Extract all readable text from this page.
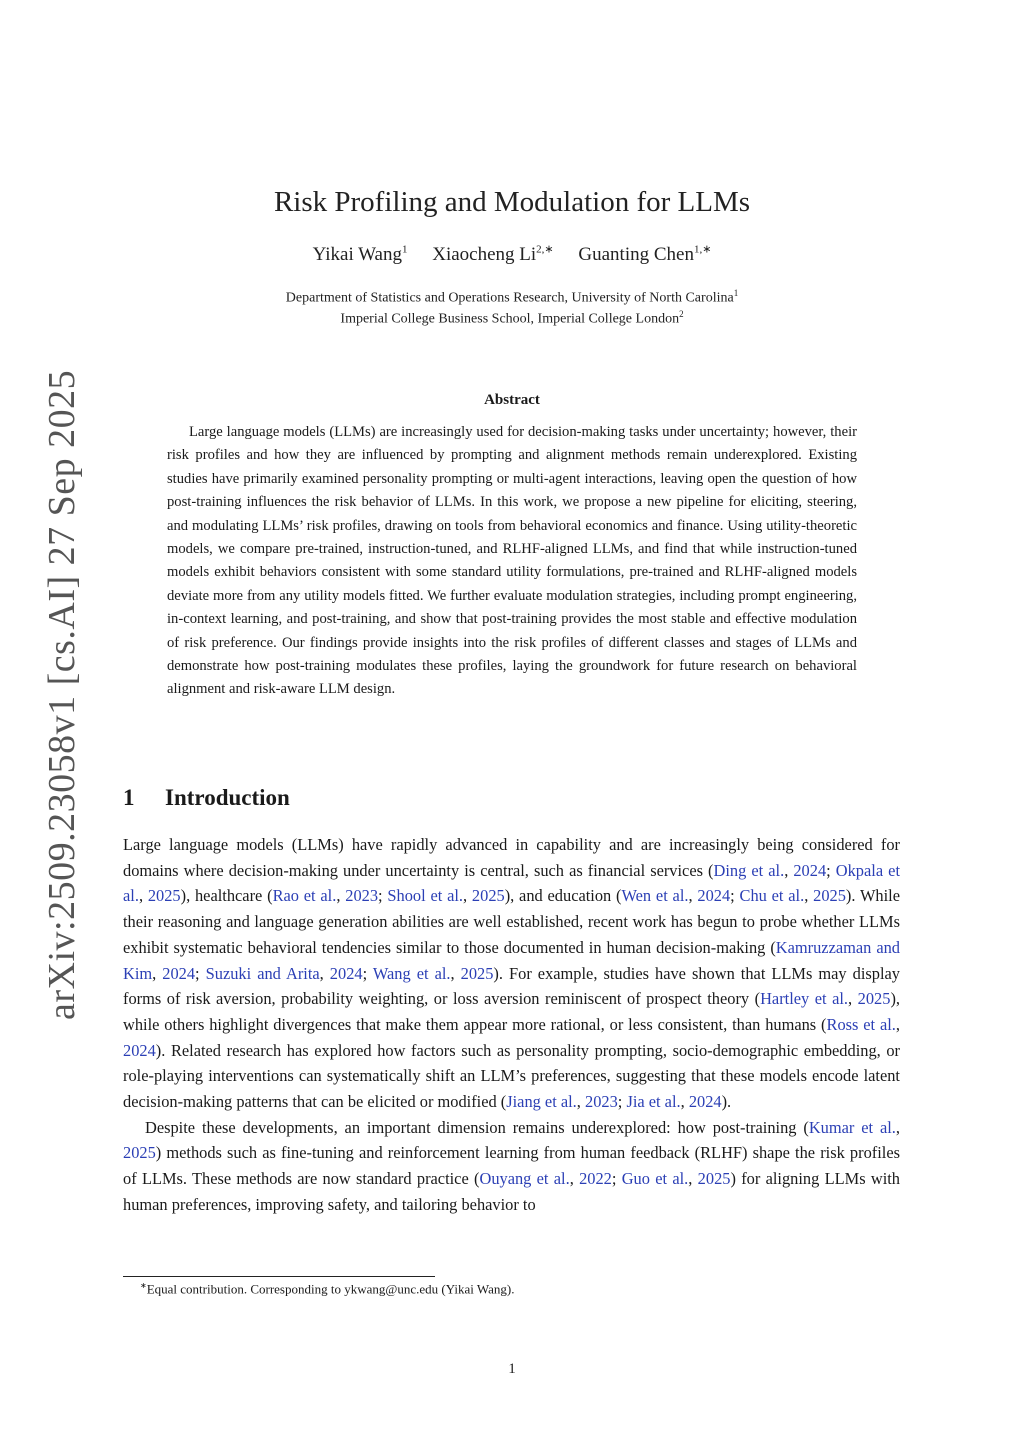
arXiv:2509.23058v1 [cs.AI] 27 Sep 2025
Risk Profiling and Modulation for LLMs
Yikai Wang$^1$ Xiaocheng $Li^{2,∗}$ Guanting Chen$^{1,∗}$
Department of Statistics and Operations Research, University of North Carolina$^1$
Imperial College Business School, Imperial College London$^2$
Abstract
Large language models (LLMs) are increasingly used for decision-making tasks under uncertainty; however, their risk profiles and how they are influenced by prompting and alignment methods remain underexplored. Existing studies have primarily examined personality prompting or multi-agent interactions, leaving open the question of how post-training influences the risk behavior of LLMs. In this work, we propose a new pipeline for eliciting, steering, and modulating LLMs’ risk profiles, drawing on tools from behavioral economics and finance. Using utility-theoretic models, we compare pre-trained, instruction-tuned, and RLHF-aligned LLMs, and find that while instruction-tuned models exhibit behaviors consistent with some standard utility formulations, pre-trained and RLHF-aligned models deviate more from any utility models fitted. We further evaluate modulation strategies, including prompt engineering, in-context learning, and post-training, and show that post-training provides the most stable and effective modulation of risk preference. Our findings provide insights into the risk profiles of different classes and stages of LLMs and demonstrate how post-training modulates these profiles, laying the groundwork for future research on behavioral alignment and risk-aware LLM design.
1 Introduction

Large language models (LLMs) have rapidly advanced in capability and are increasingly being considered for domains where decision-making under uncertainty is central, such as financial services (Ding et al., 2024; Okpala et al., 2025), healthcare (Rao et al., 2023; Shool et al., 2025), and education (Wen et al., 2024; Chu et al., 2025). While their reasoning and language generation abilities are well established, recent work has begun to probe whether LLMs exhibit systematic behavioral tendencies similar to those documented in human decision-making (Kamruzzaman and Kim, 2024; Suzuki and Arita, 2024; Wang et al., 2025). For example, studies have shown that LLMs may display forms of risk aversion, probability weighting, or loss aversion reminiscent of prospect theory (Hartley et al., 2025), while others highlight divergences that make them appear more rational, or less consistent, than humans (Ross et al., 2024). Related research has explored how factors such as personality prompting, socio-demographic embedding, or role-playing interventions can systematically shift an LLM’s preferences, suggesting that these models encode latent decision-making patterns that can be elicited or modified (Jiang et al., 2023; Jia et al., 2024).

Despite these developments, an important dimension remains underexplored: how post-training (Kumar et al., 2025) methods such as fine-tuning and reinforcement learning from human feedback (RLHF) shape the risk profiles of LLMs. These methods are now standard practice (Ouyang et al., 2022; Guo et al., 2025) for aligning LLMs with human preferences, improving safety, and tailoring behavior to

∗Equal contribution. Corresponding to ykwang@unc.edu (Yikai Wang).
1
